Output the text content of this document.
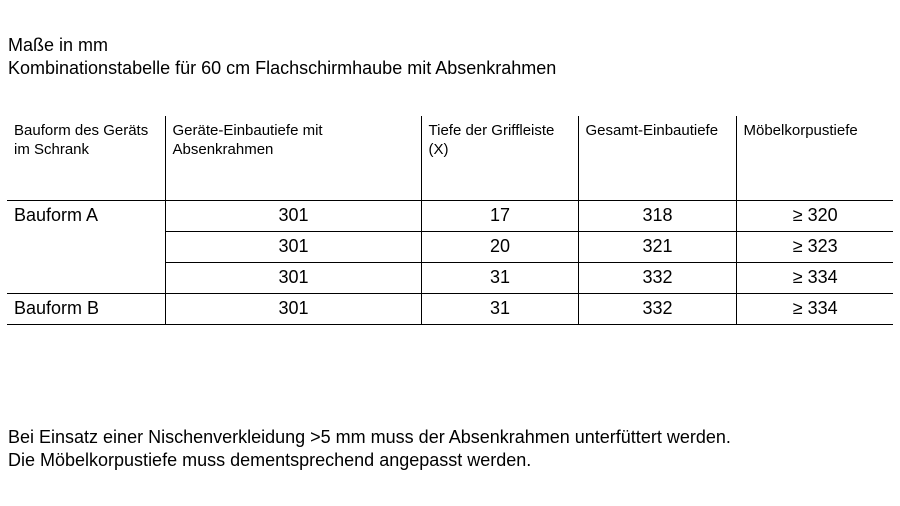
Maße in mm
Kombinationstabelle für 60 cm Flachschirmhaube mit Absenkrahmen
Bauform des Geräts im Schrank	Geräte-Einbautiefe mit Absenkrahmen	Tiefe der Griffleiste (X)	Gesamt-Einbautiefe	Möbelkorpustiefe
Bauform A	301	17	318	≥ 320
	301	20	321	≥ 323
	301	31	332	≥ 334
Bauform B	301	31	332	≥ 334
Bei Einsatz einer Nischenverkleidung >5 mm muss der Absenkrahmen unterfüttert werden.
Die Möbelkorpustiefe muss dementsprechend angepasst werden.
